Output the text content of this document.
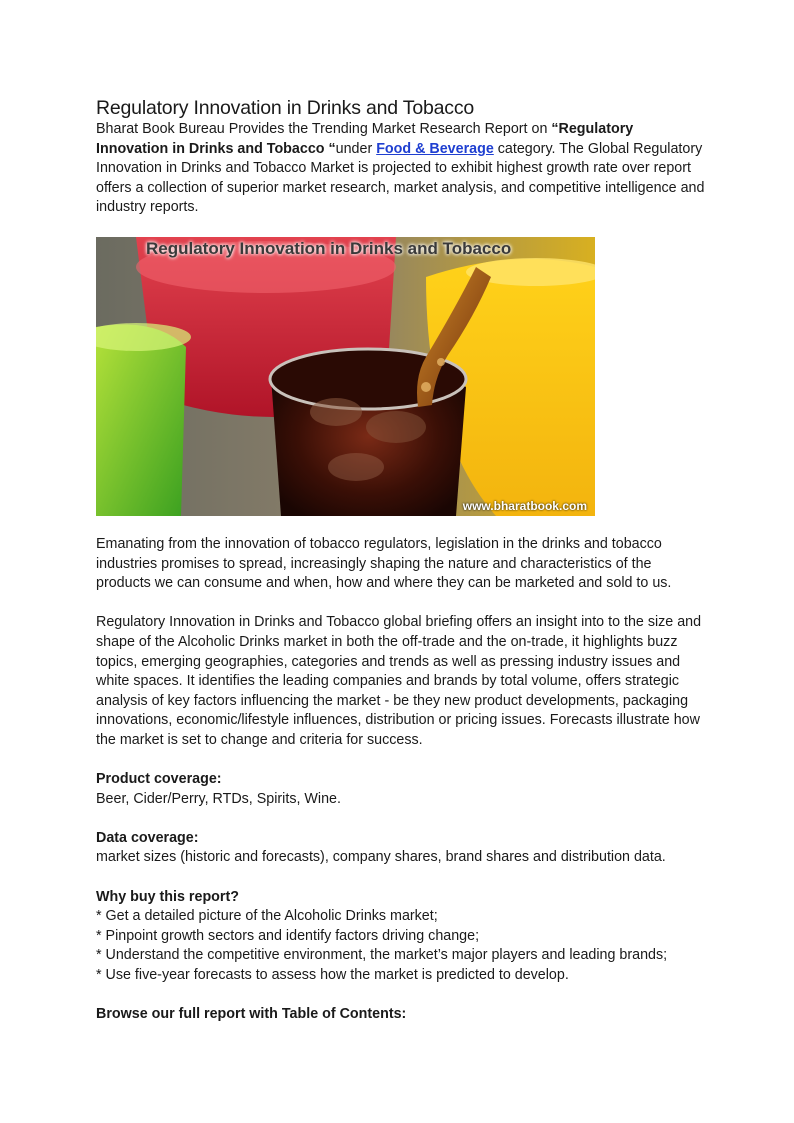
Regulatory Innovation in Drinks and Tobacco

Bharat Book Bureau Provides the Trending Market Research Report on “Regulatory Innovation in Drinks and Tobacco “under Food & Beverage category. The Global Regulatory Innovation in Drinks and Tobacco Market is projected to exhibit highest growth rate over report offers a collection of superior market research, market analysis, and competitive intelligence and industry reports.

Regulatory Innovation in Drinks and Tobacco
www.bharatbook.com

Emanating from the innovation of tobacco regulators, legislation in the drinks and tobacco industries promises to spread, increasingly shaping the nature and characteristics of the products we can consume and when, how and where they can be marketed and sold to us.

Regulatory Innovation in Drinks and Tobacco global briefing offers an insight into to the size and shape of the Alcoholic Drinks market in both the off-trade and the on-trade, it highlights buzz topics, emerging geographies, categories and trends as well as pressing industry issues and white spaces. It identifies the leading companies and brands by total volume, offers strategic analysis of key factors influencing the market - be they new product developments, packaging innovations, economic/lifestyle influences, distribution or pricing issues. Forecasts illustrate how the market is set to change and criteria for success.

Product coverage:

Beer, Cider/Perry, RTDs, Spirits, Wine.

Data coverage:

market sizes (historic and forecasts), company shares, brand shares and distribution data.

Why buy this report?

* Get a detailed picture of the Alcoholic Drinks market;

* Pinpoint growth sectors and identify factors driving change;

* Understand the competitive environment, the market’s major players and leading brands;

* Use five-year forecasts to assess how the market is predicted to develop.

Browse our full report with Table of Contents:
